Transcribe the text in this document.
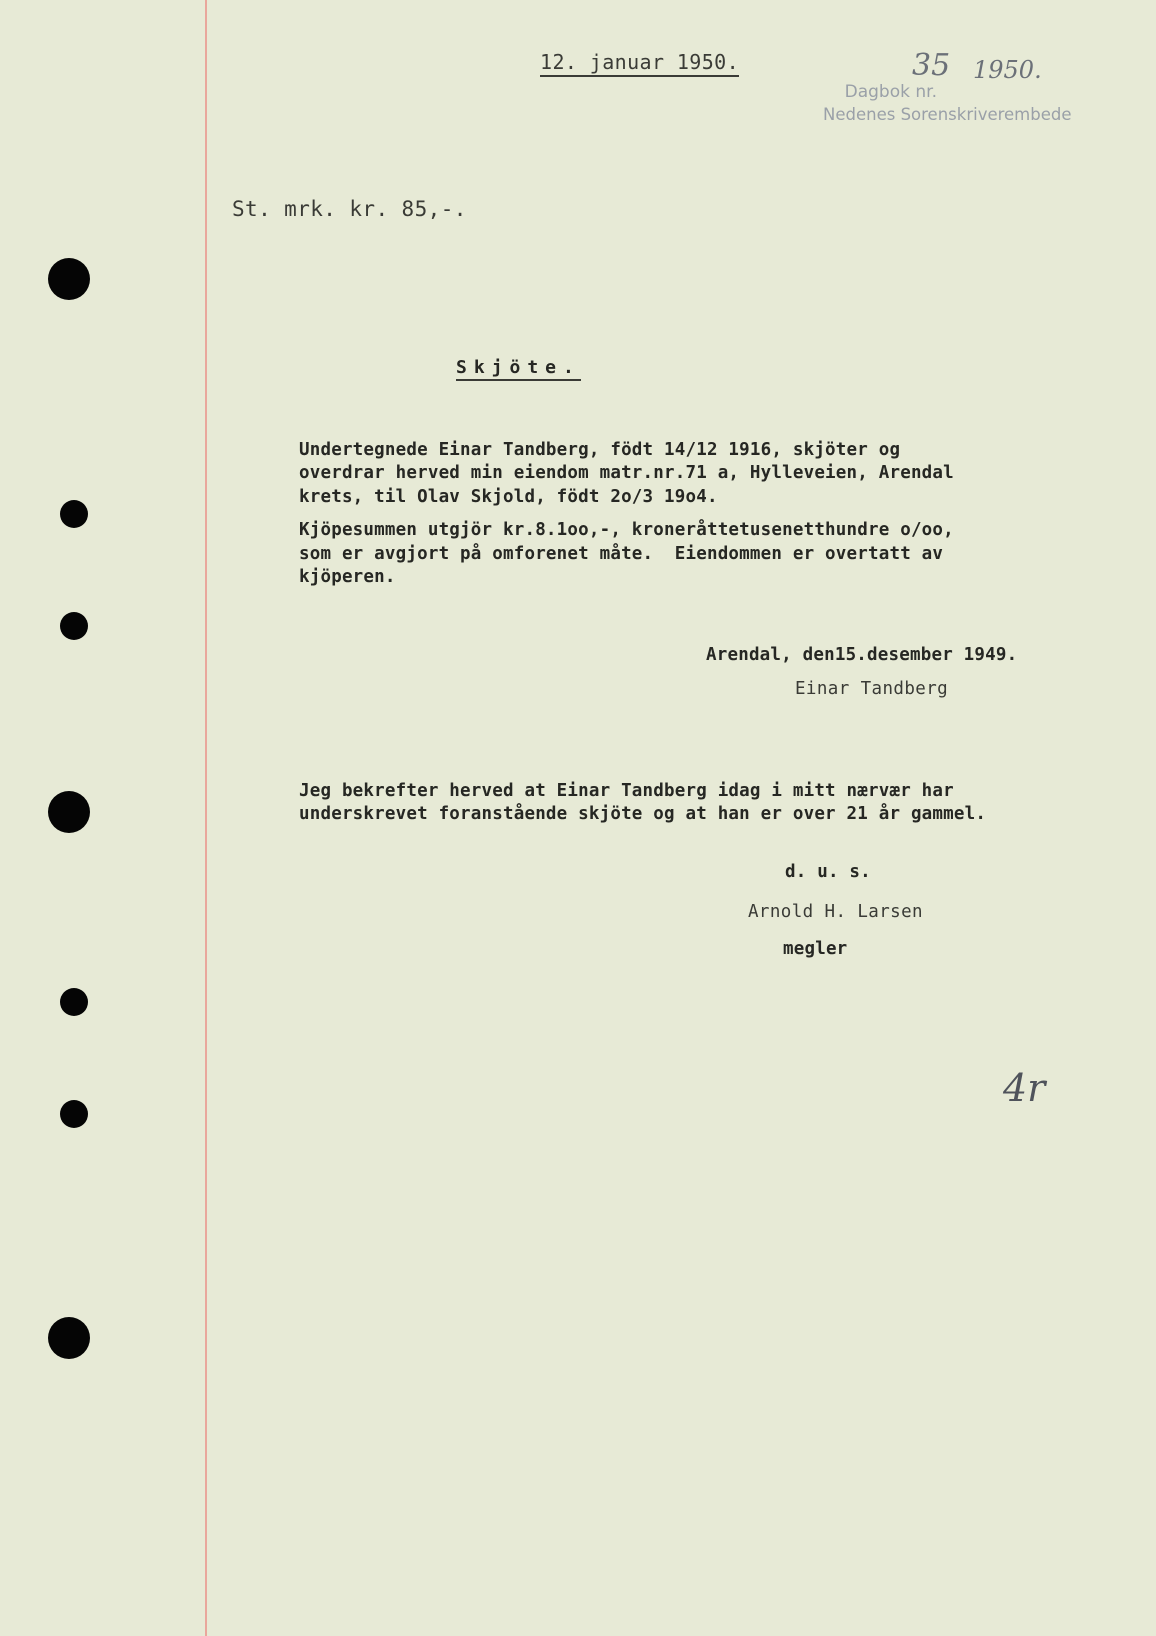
12. januar 1950.

Dagbok nr.

35 1950.
Nedenes Sorenskriverembede

St. mrk. kr. 85,-.

Skjöte.

Undertegnede Einar Tandberg, födt 14/12 1916, skjöter og

overdrar herved min eiendom matr.nr.71 a, Hylleveien, Arendal

krets, til Olav Skjold, födt 2o/3 19o4.

Kjöpesummen utgjör kr.8.1oo,-, kroneråttetusenetthundre o/oo,

som er avgjort på omforenet måte.  Eiendommen er overtatt av

kjöperen.

Arendal, den15.desember 1949.

Einar Tandberg

Jeg bekrefter herved at Einar Tandberg idag i mitt nærvær har

underskrevet foranstående skjöte og at han er over 21 år gammel.

d. u. s.

Arnold H. Larsen

megler

4r
